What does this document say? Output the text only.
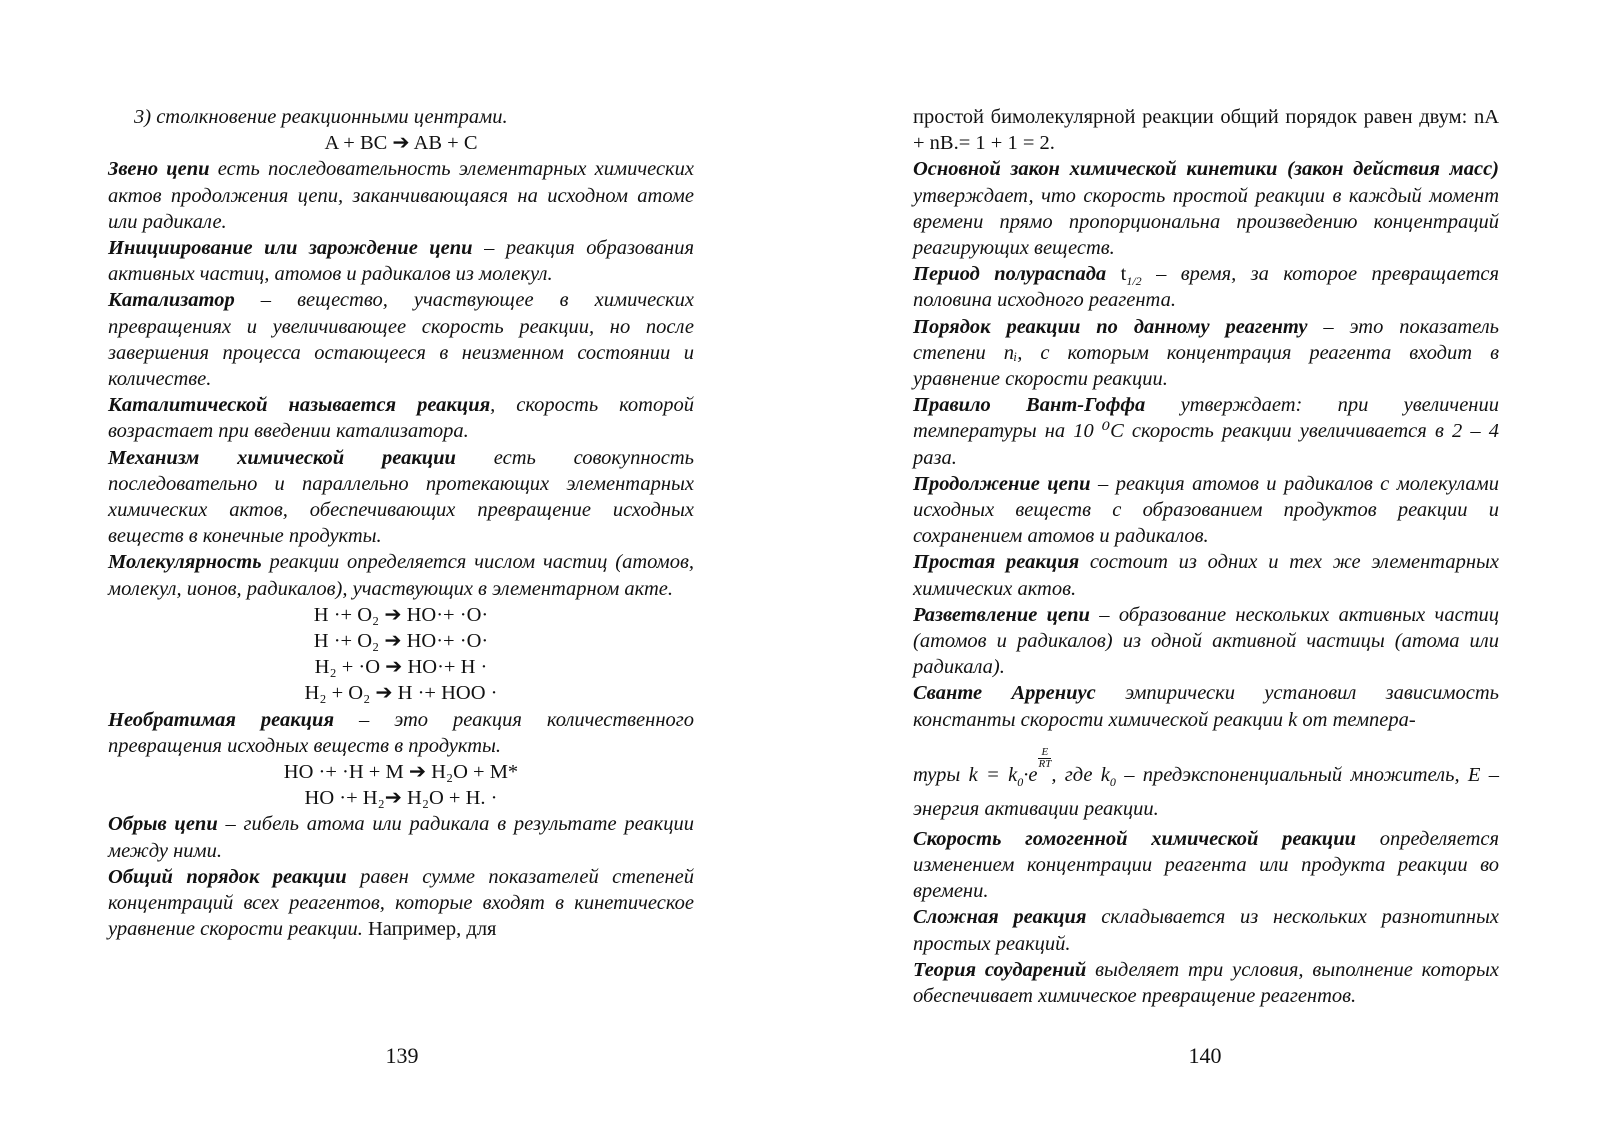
3) столкновение реакционными центрами.

A + BC ➔ AB + C

Звено цепи есть последовательность элементарных химических актов продолжения цепи, заканчивающаяся на исходном атоме или радикале.

Инициирование или зарождение цепи – реакция образования активных частиц, атомов и радикалов из молекул.

Катализатор – вещество, участвующее в химических превращениях и увеличивающее скорость реакции, но после завершения процесса остающееся в неизменном состоянии и количестве.

Каталитической называется реакция, скорость которой возрастает при введении катализатора.

Механизм химической реакции есть совокупность последовательно и параллельно протекающих элементарных химических актов, обеспечивающих превращение исходных веществ в конечные продукты.

Молекулярность реакции определяется числом частиц (атомов, молекул, ионов, радикалов), участвующих в элементарном акте.

H ·+ O₂ ➔ HO·+ ·O·

H ·+ O₂ ➔ HO·+ ·O·

H₂ + ·O ➔ HO·+ H ·

H₂ + O₂ ➔ H ·+ HOO ·

Необратимая реакция – это реакция количественного превращения исходных веществ в продукты.

HO ·+ ·H + M ➔ H₂O + M*

HO ·+ H₂➔ H₂O + H. ·

Обрыв цепи – гибель атома или радикала в результате реакции между ними.

Общий порядок реакции равен сумме показателей степеней концентраций всех реагентов, которые входят в кинетическое уравнение скорости реакции. Например, для

139

простой бимолекулярной реакции общий порядок равен двум: nA + nB.= 1 + 1 = 2.

Основной закон химической кинетики (закон действия масс) утверждает, что скорость простой реакции в каждый момент времени прямо пропорциональна произведению концентраций реагирующих веществ.

Период полураспада $t_{1/2}$ – время, за которое превращается половина исходного реагента.

Порядок реакции по данному реагенту – это показатель степени nᵢ, с которым концентрация реагента входит в уравнение скорости реакции.

Правило Вант-Гоффа утверждает: при увеличении температуры на 10 ⁰С скорость реакции увеличивается в 2 – 4 раза.

Продолжение цепи – реакция атомов и радикалов с молекулами исходных веществ с образованием продуктов реакции и сохранением атомов и радикалов.

Простая реакция состоит из одних и тех же элементарных химических актов.

Разветвление цепи – образование нескольких активных частиц (атомов и радикалов) из одной активной частицы (атома или радикала).

Сванте Аррениус эмпирически установил зависимость константы скорости химической реакции k от темпера-

туры $k = k_0\cdot e$
$\frac{E}{RT}$
, где $k_0$ – предэкспоненциальный множитель, E – энергия активации реакции.

Скорость гомогенной химической реакции определяется изменением концентрации реагента или продукта реакции во времени.

Сложная реакция складывается из нескольких разнотипных простых реакций.

Теория соударений выделяет три условия, выполнение которых обеспечивает химическое превращение реагентов.

140
